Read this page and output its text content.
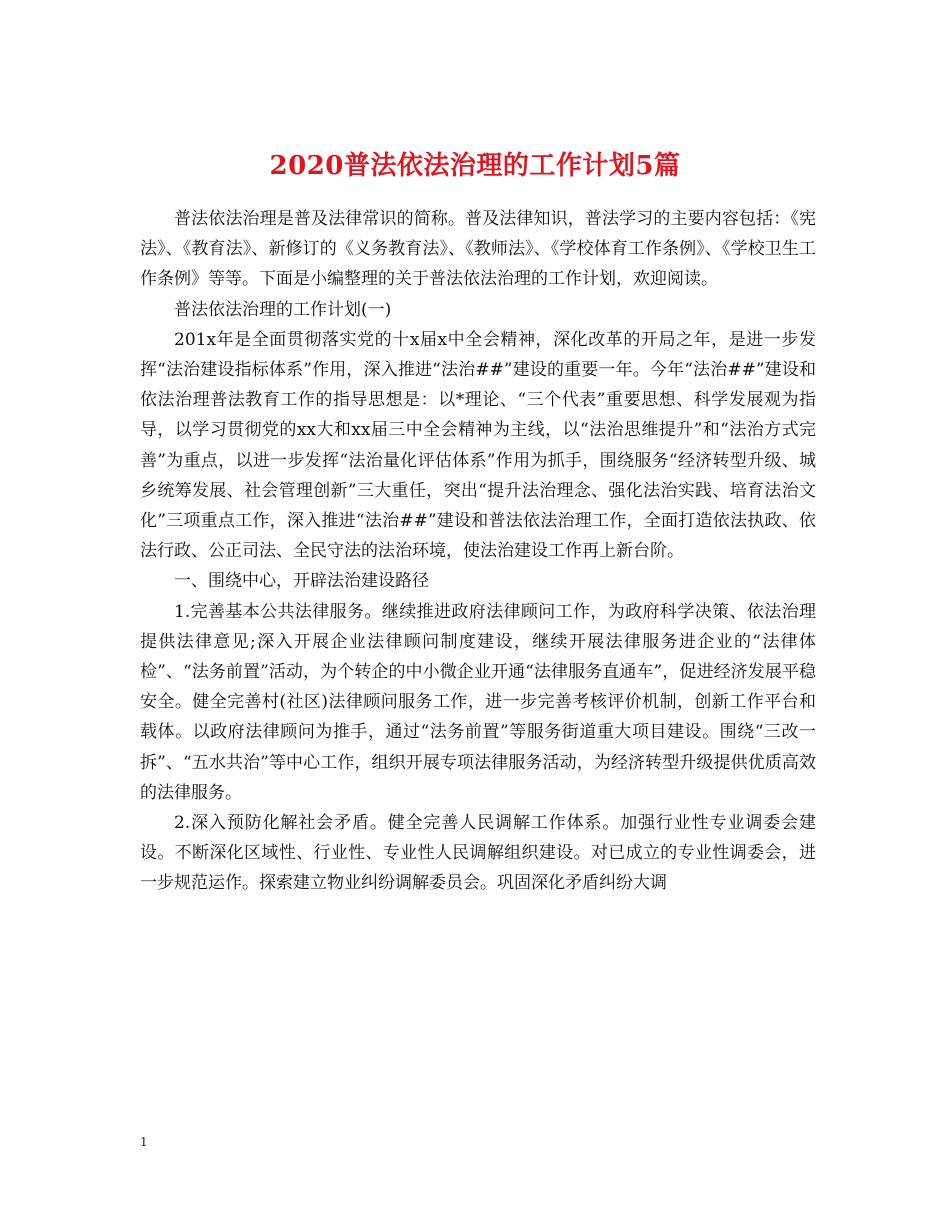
2020普法依法治理的工作计划5篇

普法依法治理是普及法律常识的简称。普及法律知识，普法学习的主要内容包括：《宪法》、《教育法》、新修订的《义务教育法》、《教师法》、《学校体育工作条例》、《学校卫生工作条例》等等。下面是小编整理的关于普法依法治理的工作计划，欢迎阅读。

普法依法治理的工作计划(一)

201x年是全面贯彻落实党的十x届x中全会精神，深化改革的开局之年，是进一步发挥“法治建设指标体系”作用，深入推进“法治##”建设的重要一年。今年“法治##”建设和依法治理普法教育工作的指导思想是：以*理论、“三个代表”重要思想、科学发展观为指导，以学习贯彻党的xx大和xx届三中全会精神为主线，以“法治思维提升”和“法治方式完善”为重点，以进一步发挥“法治量化评估体系”作用为抓手，围绕服务“经济转型升级、城乡统筹发展、社会管理创新”三大重任，突出“提升法治理念、强化法治实践、培育法治文化”三项重点工作，深入推进“法治##”建设和普法依法治理工作，全面打造依法执政、依法行政、公正司法、全民守法的法治环境，使法治建设工作再上新台阶。

一、围绕中心，开辟法治建设路径

1.完善基本公共法律服务。继续推进政府法律顾问工作，为政府科学决策、依法治理提供法律意见;深入开展企业法律顾问制度建设，继续开展法律服务进企业的“法律体检”、“法务前置”活动，为个转企的中小微企业开通“法律服务直通车”，促进经济发展平稳安全。健全完善村(社区)法律顾问服务工作，进一步完善考核评价机制，创新工作平台和载体。以政府法律顾问为推手，通过“法务前置”等服务街道重大项目建设。围绕“三改一拆”、“五水共治”等中心工作，组织开展专项法律服务活动，为经济转型升级提供优质高效的法律服务。

2.深入预防化解社会矛盾。健全完善人民调解工作体系。加强行业性专业调委会建设。不断深化区域性、行业性、专业性人民调解组织建设。对已成立的专业性调委会，进一步规范运作。探索建立物业纠纷调解委员会。巩固深化矛盾纠纷大调

1
